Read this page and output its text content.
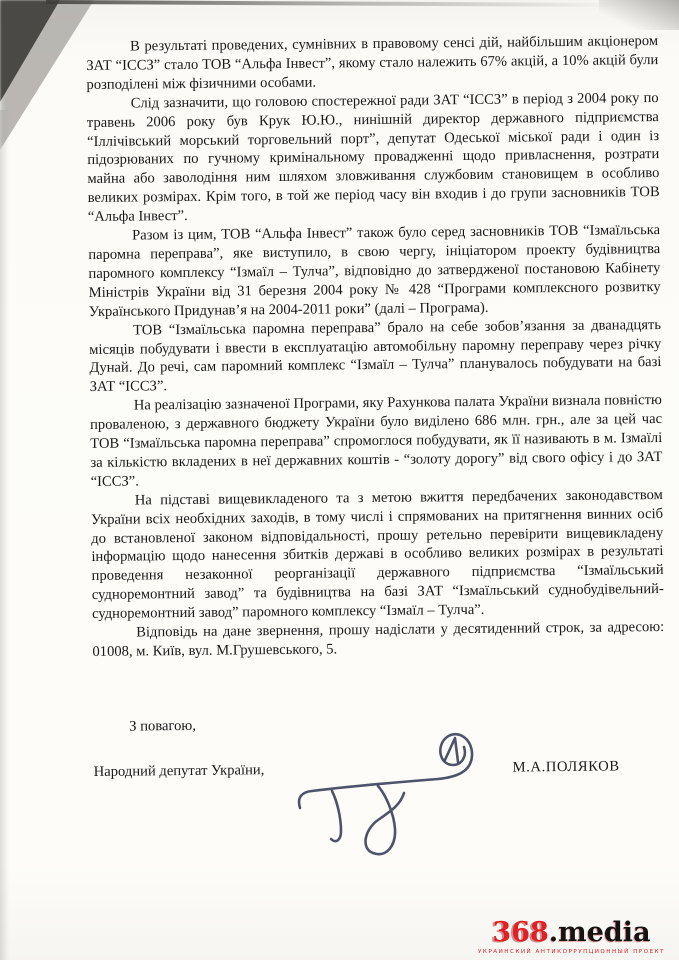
В результаті проведених, сумнівних в правовому сенсі дій, найбільшим акціонером ЗАТ “ІССЗ” стало ТОВ “Альфа Інвест”, якому стало належить 67% акцій, а 10% акцій були розподілені між фізичними особами.

Слід зазначити, що головою спостережної ради ЗАТ “ІССЗ” в період з 2004 року по травень 2006 року був Крук Ю.Ю., нинішній директор державного підприємства “Іллічівський морський торговельний порт”, депутат Одеської міської ради і один із підозрюваних по гучному кримінальному провадженні щодо привласнення, розтрати майна або заволодіння ним шляхом зловживання службовим становищем в особливо великих розмірах. Крім того, в той же період часу він входив і до групи засновників ТОВ “Альфа Інвест”.

Разом із цим, ТОВ “Альфа Інвест” також було серед засновників ТОВ “Ізмаїльська паромна переправа”, яке виступило, в свою чергу, ініціатором проекту будівництва паромного комплексу “Ізмаїл – Тулча”, відповідно до затвердженої постановою Кабінету Міністрів України від 31 березня 2004 року № 428 “Програми комплексного розвитку Українського Придунав’я на 2004-2011 роки” (далі – Програма).

ТОВ “Ізмаїльська паромна переправа” брало на себе зобов’язання за дванадцять місяців побудувати і ввести в експлуатацію автомобільну паромну переправу через річку Дунай. До речі, сам паромний комплекс “Ізмаїл – Тулча” планувалось побудувати на базі ЗАТ “ІССЗ”.

На реалізацію зазначеної Програми, яку Рахункова палата України визнала повністю проваленою, з державного бюджету України було виділено 686 млн. грн., але за цей час ТОВ “Ізмаїльська паромна переправа” спромоглося побудувати, як її називають в м. Ізмаїлі за кількістю вкладених в неї державних коштів - “золоту дорогу” від свого офісу і до ЗАТ “ІССЗ”.

На підставі вищевикладеного та з метою вжиття передбачених законодавством України всіх необхідних заходів, в тому числі і спрямованих на притягнення винних осіб до встановленої законом відповідальності, прошу ретельно перевірити вищевикладену інформацію щодо нанесення збитків державі в особливо великих розмірах в результаті проведення незаконної реорганізації державного підприємства “Ізмаїльський судноремонтний завод” та будівництва на базі ЗАТ “Ізмаїльський суднобудівельний-судноремонтний завод” паромного комплексу “Ізмаїл – Тулча”.

Відповідь на дане звернення, прошу надіслати у десятиденний строк, за адресою: 01008, м. Київ, вул. М.Грушевського, 5.

З повагою,
Народний депутат України,	М.А.ПОЛЯКОВ
368.media
УКРАИНСКИЙ АНТИКОРРУПЦИОННЫЙ ПРОЕКТ
